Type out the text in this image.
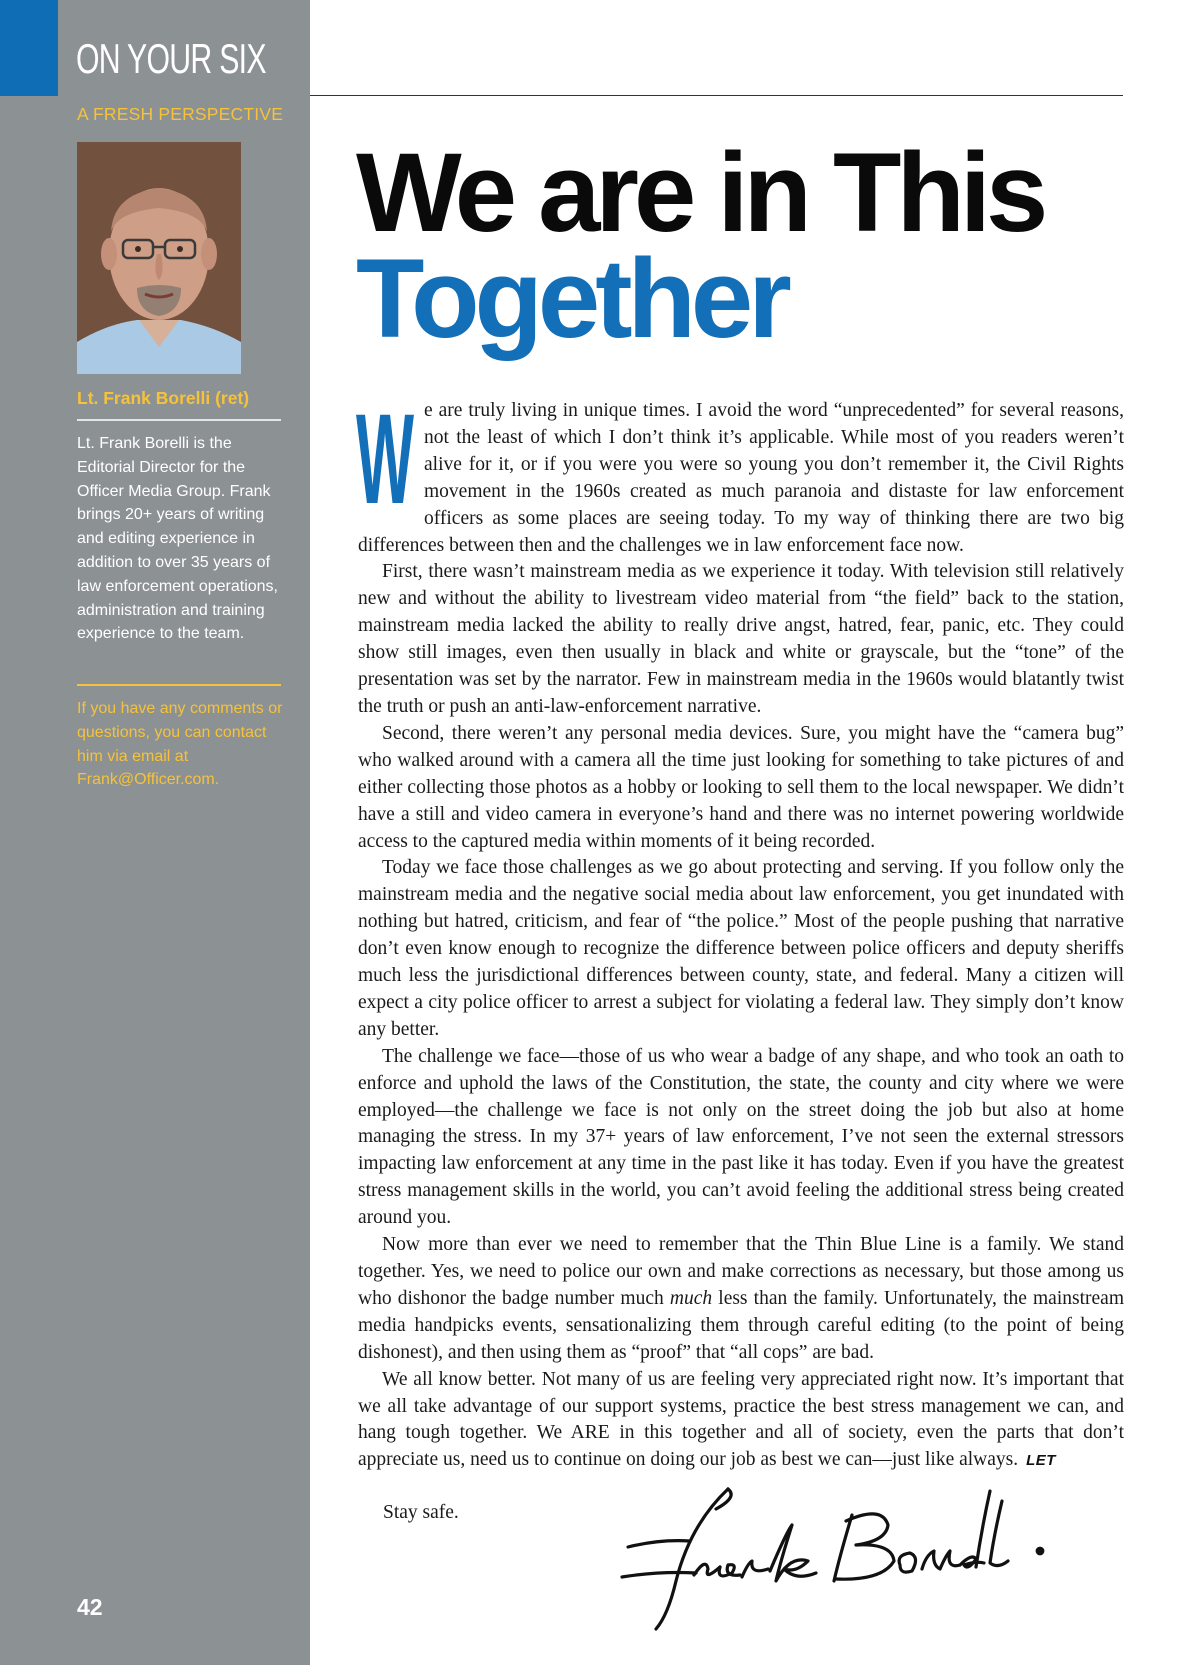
ON YOUR SIX
A FRESH PERSPECTIVE
Lt. Frank Borelli (ret)
Lt. Frank Borelli is the Editorial Director for the Officer Media Group. Frank brings 20+ years of writing and editing experience in addition to over 35 years of law enforcement operations, administration and training experience to the team.
If you have any comments or questions, you can contact him via email at Frank@Officer.com.
42
We are in This
Together

We are truly living in unique times. I avoid the word “unprecedented” for several reasons, not the least of which I don’t think it’s applicable. While most of you readers weren’t alive for it, or if you were you were so young you don’t remember it, the Civil Rights movement in the 1960s created as much paranoia and distaste for law enforcement officers as some places are seeing today. To my way of thinking there are two big differences between then and the challenges we in law enforcement face now.

First, there wasn’t mainstream media as we experience it today. With television still relatively new and without the ability to livestream video material from “the field” back to the station, mainstream media lacked the ability to really drive angst, hatred, fear, panic, etc. They could show still images, even then usually in black and white or grayscale, but the “tone” of the presentation was set by the narrator. Few in mainstream media in the 1960s would blatantly twist the truth or push an anti-law-enforcement narrative.

Second, there weren’t any personal media devices. Sure, you might have the “camera bug” who walked around with a camera all the time just looking for something to take pictures of and either collecting those photos as a hobby or looking to sell them to the local newspaper. We didn’t have a still and video camera in everyone’s hand and there was no internet powering worldwide access to the captured media within moments of it being recorded.

Today we face those challenges as we go about protecting and serving. If you follow only the mainstream media and the negative social media about law enforcement, you get inundated with nothing but hatred, criticism, and fear of “the police.” Most of the people pushing that narrative don’t even know enough to recognize the difference between police officers and deputy sheriffs much less the jurisdictional differences between county, state, and federal. Many a citizen will expect a city police officer to arrest a subject for violating a federal law. They simply don’t know any better.

The challenge we face—those of us who wear a badge of any shape, and who took an oath to enforce and uphold the laws of the Constitution, the state, the county and city where we were employed—the challenge we face is not only on the street doing the job but also at home managing the stress. In my 37+ years of law enforcement, I’ve not seen the external stressors impacting law enforcement at any time in the past like it has today. Even if you have the greatest stress management skills in the world, you can’t avoid feeling the additional stress being created around you.

Now more than ever we need to remember that the Thin Blue Line is a family. We stand together. Yes, we need to police our own and make corrections as necessary, but those among us who dishonor the badge number much much less than the family. Unfortunately, the mainstream media handpicks events, sensationalizing them through careful editing (to the point of being dishonest), and then using them as “proof” that “all cops” are bad.

We all know better. Not many of us are feeling very appreciated right now. It’s important that we all take advantage of our support systems, practice the best stress management we can, and hang tough together. We ARE in this together and all of society, even the parts that don’t appreciate us, need us to continue on doing our job as best we can—just like always. LET

Stay safe.
